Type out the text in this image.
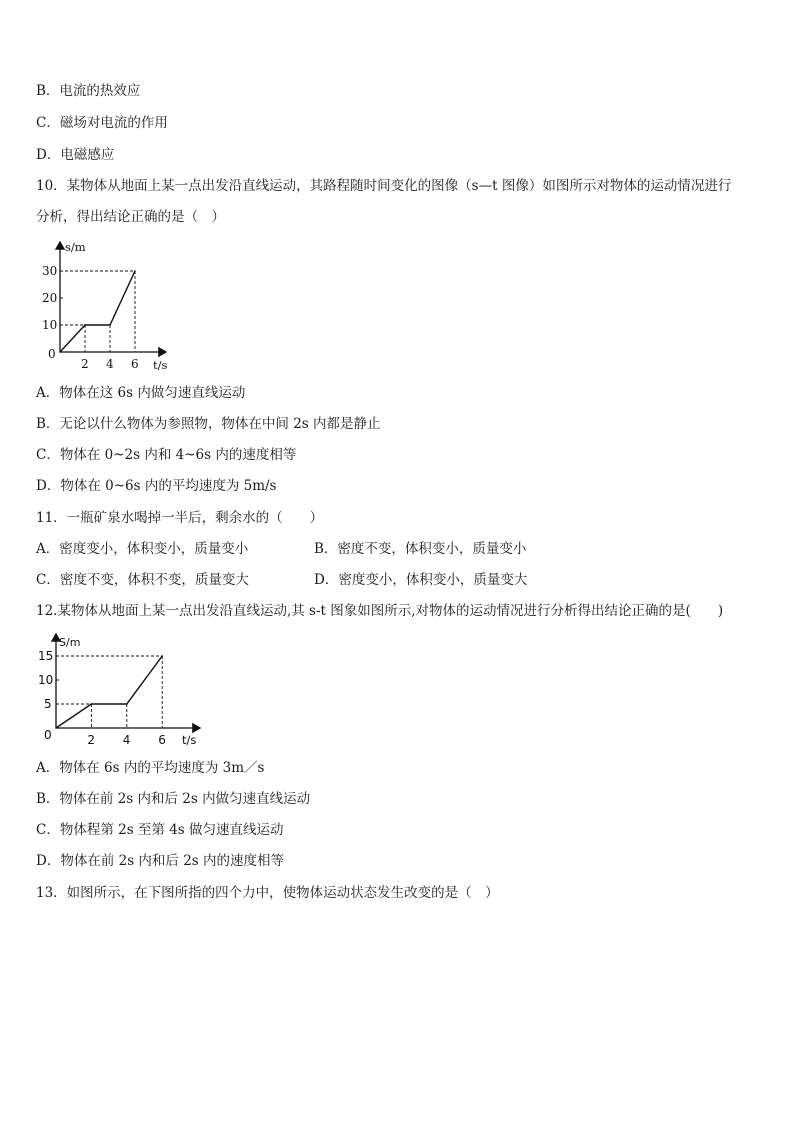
B．电流的热效应
C．磁场对电流的作用
D．电磁感应
10．某物体从地面上某一点出发沿直线运动，其路程随时间变化的图像（s—t 图像）如图所示对物体的运动情况进行
分析，得出结论正确的是（　）
s/m
t/s
0
2 4 6
10
20
30
A．物体在这 6s 内做匀速直线运动
B．无论以什么物体为参照物，物体在中间 2s 内都是静止
C．物体在 0~2s 内和 4~6s 内的速度相等
D．物体在 0~6s 内的平均速度为 5m/s
11．一瓶矿泉水喝掉一半后，剩余水的（　　）
A．密度变小，体积变小，质量变小	B．密度不变，体积变小，质量变小
C．密度不变，体积不变，质量变大	D．密度变小，体积变小，质量变大
12.某物体从地面上某一点出发沿直线运动,其 s-t 图象如图所示,对物体的运动情况进行分析得出结论正确的是(　　)
S/m
t/s
0	2 4 6
5
10
15
A．物体在 6s 内的平均速度为 3m／s
B．物体在前 2s 内和后 2s 内做匀速直线运动
C．物体程第 2s 至第 4s 做匀速直线运动
D．物体在前 2s 内和后 2s 内的速度相等
13．如图所示，在下图所指的四个力中，使物体运动状态发生改变的是（　）
